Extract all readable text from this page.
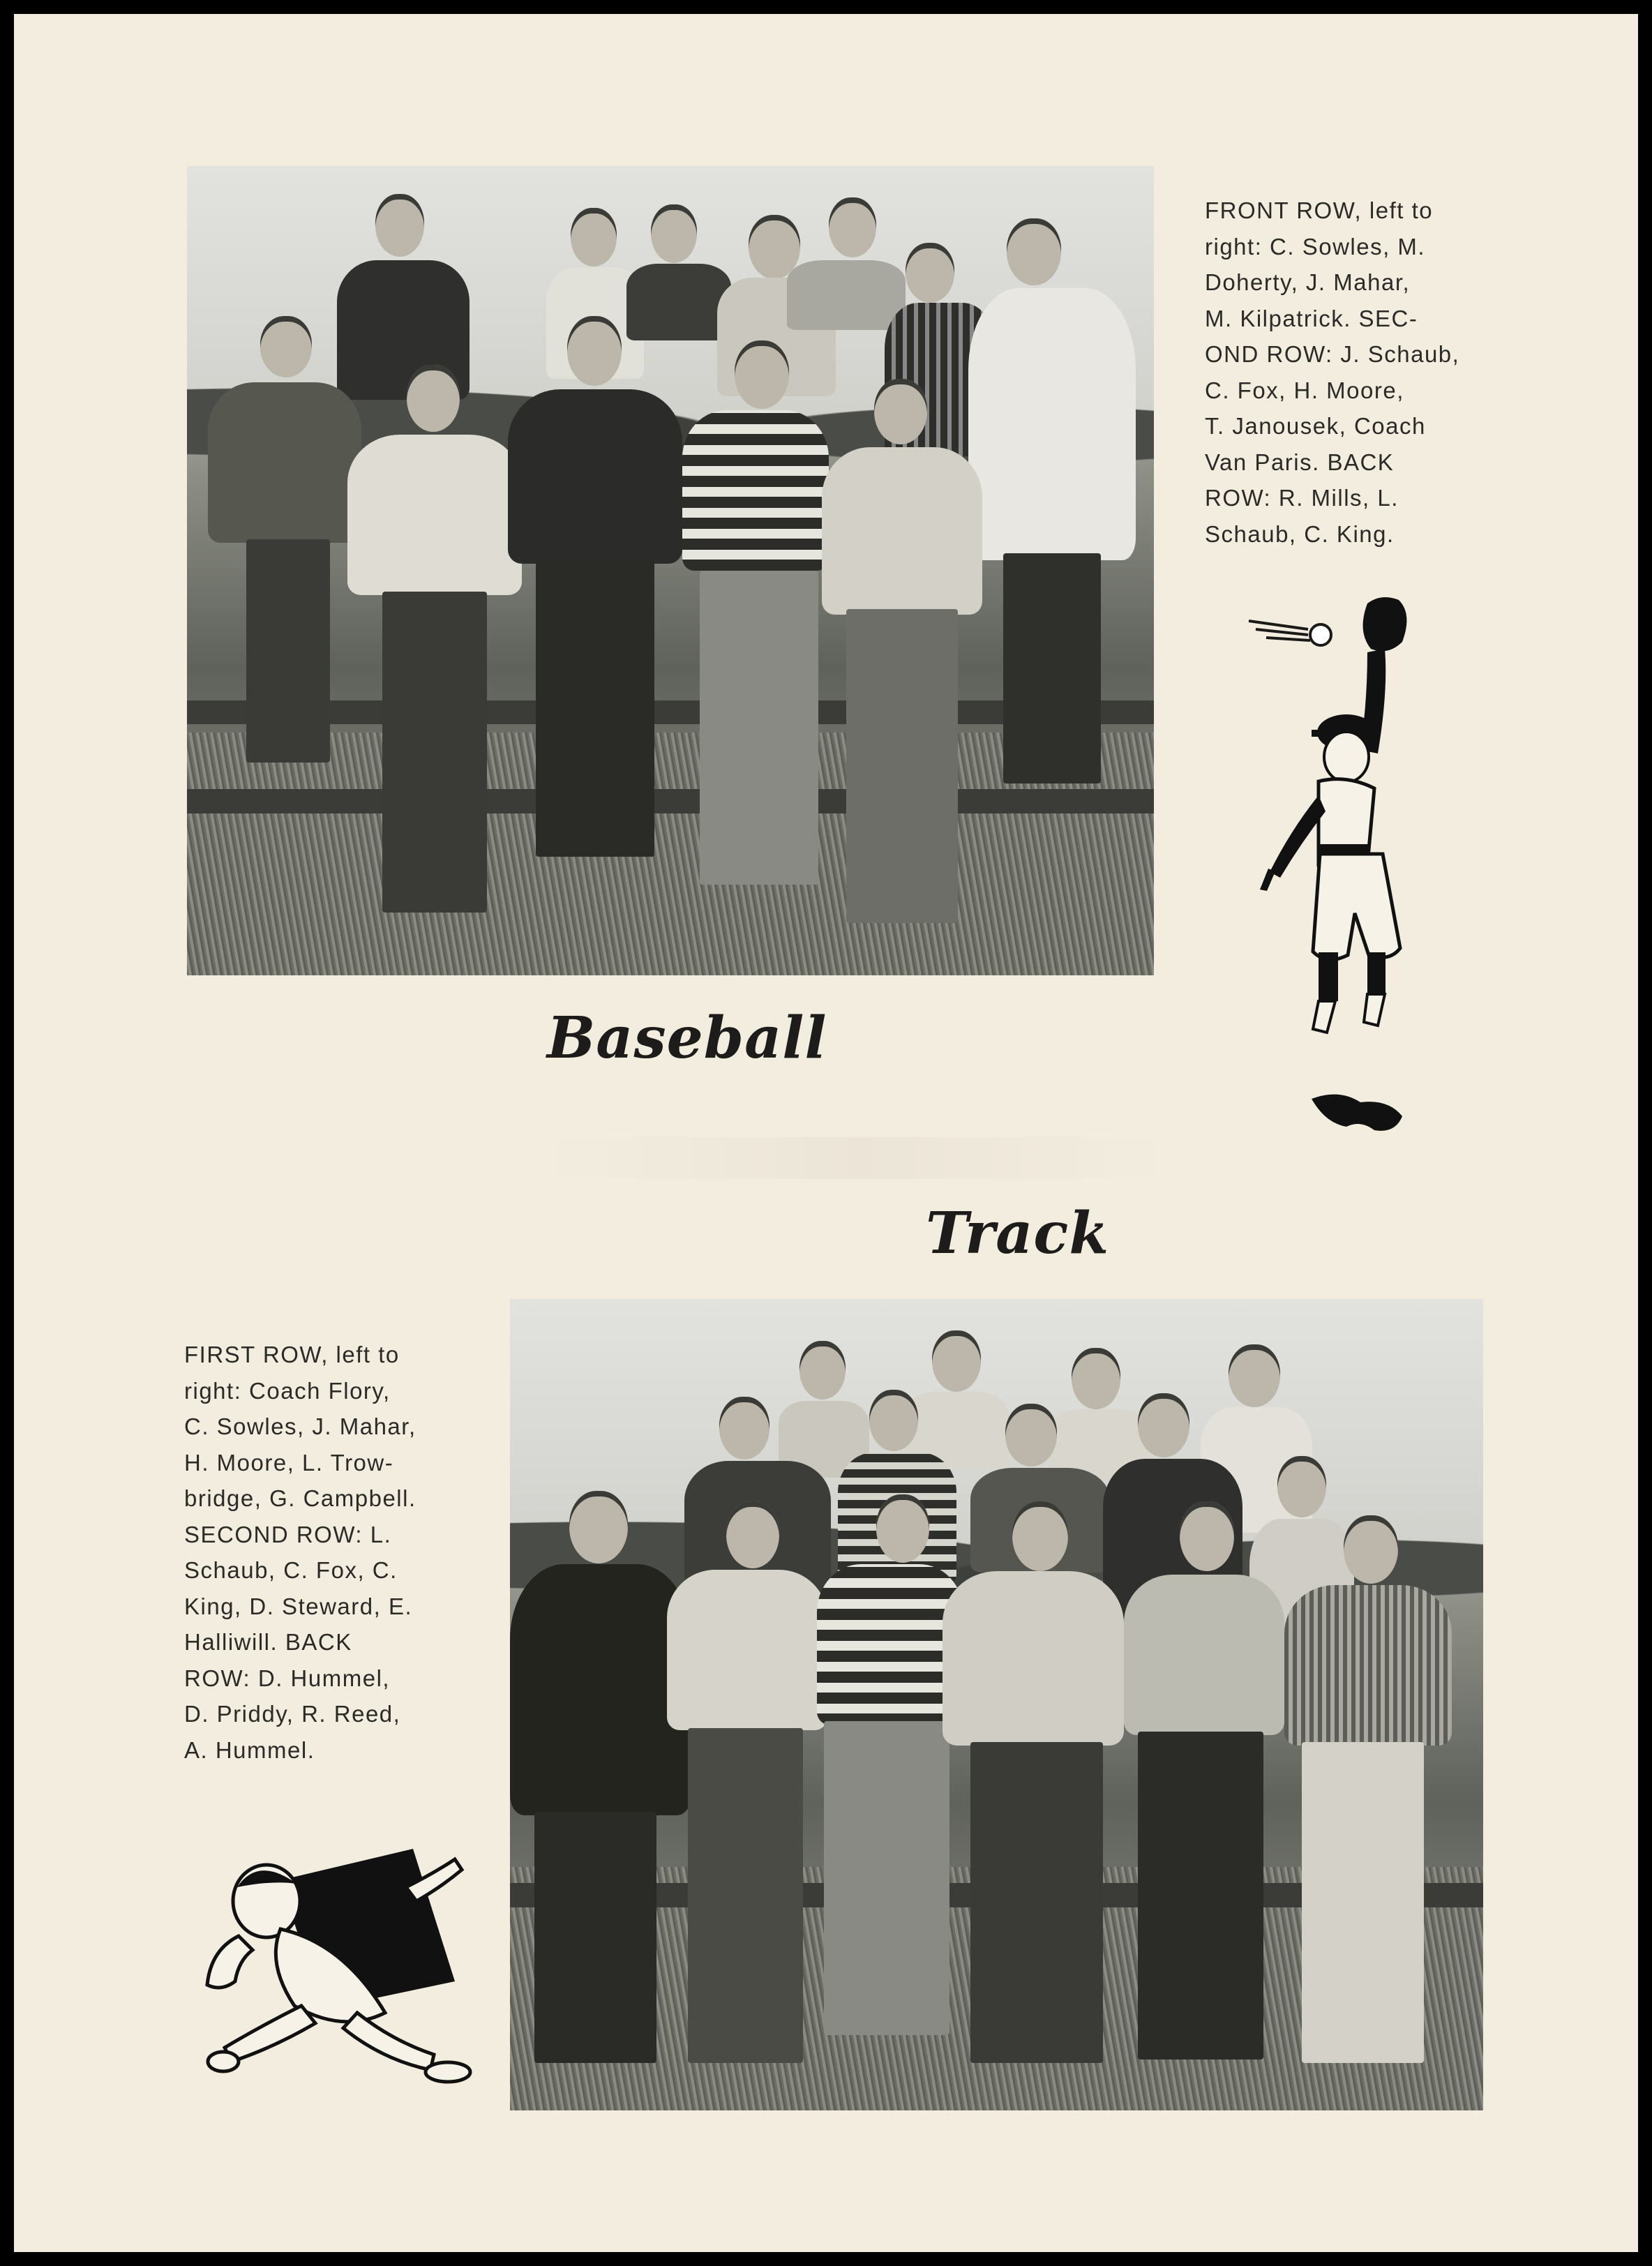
FRONT ROW, left to
right: C. Sowles, M.
Doherty, J. Mahar,
M. Kilpatrick. SEC-
OND ROW: J. Schaub,
C. Fox, H. Moore,
T. Janousek, Coach
Van Paris. BACK
ROW: R. Mills, L.
Schaub, C. King.

Baseball
Track

FIRST ROW, left to
right: Coach Flory,
C. Sowles, J. Mahar,
H. Moore, L. Trow-
bridge, G. Campbell.
SECOND ROW: L.
Schaub, C. Fox, C.
King, D. Steward, E.
Halliwill. BACK
ROW: D. Hummel,
D. Priddy, R. Reed,
A. Hummel.
